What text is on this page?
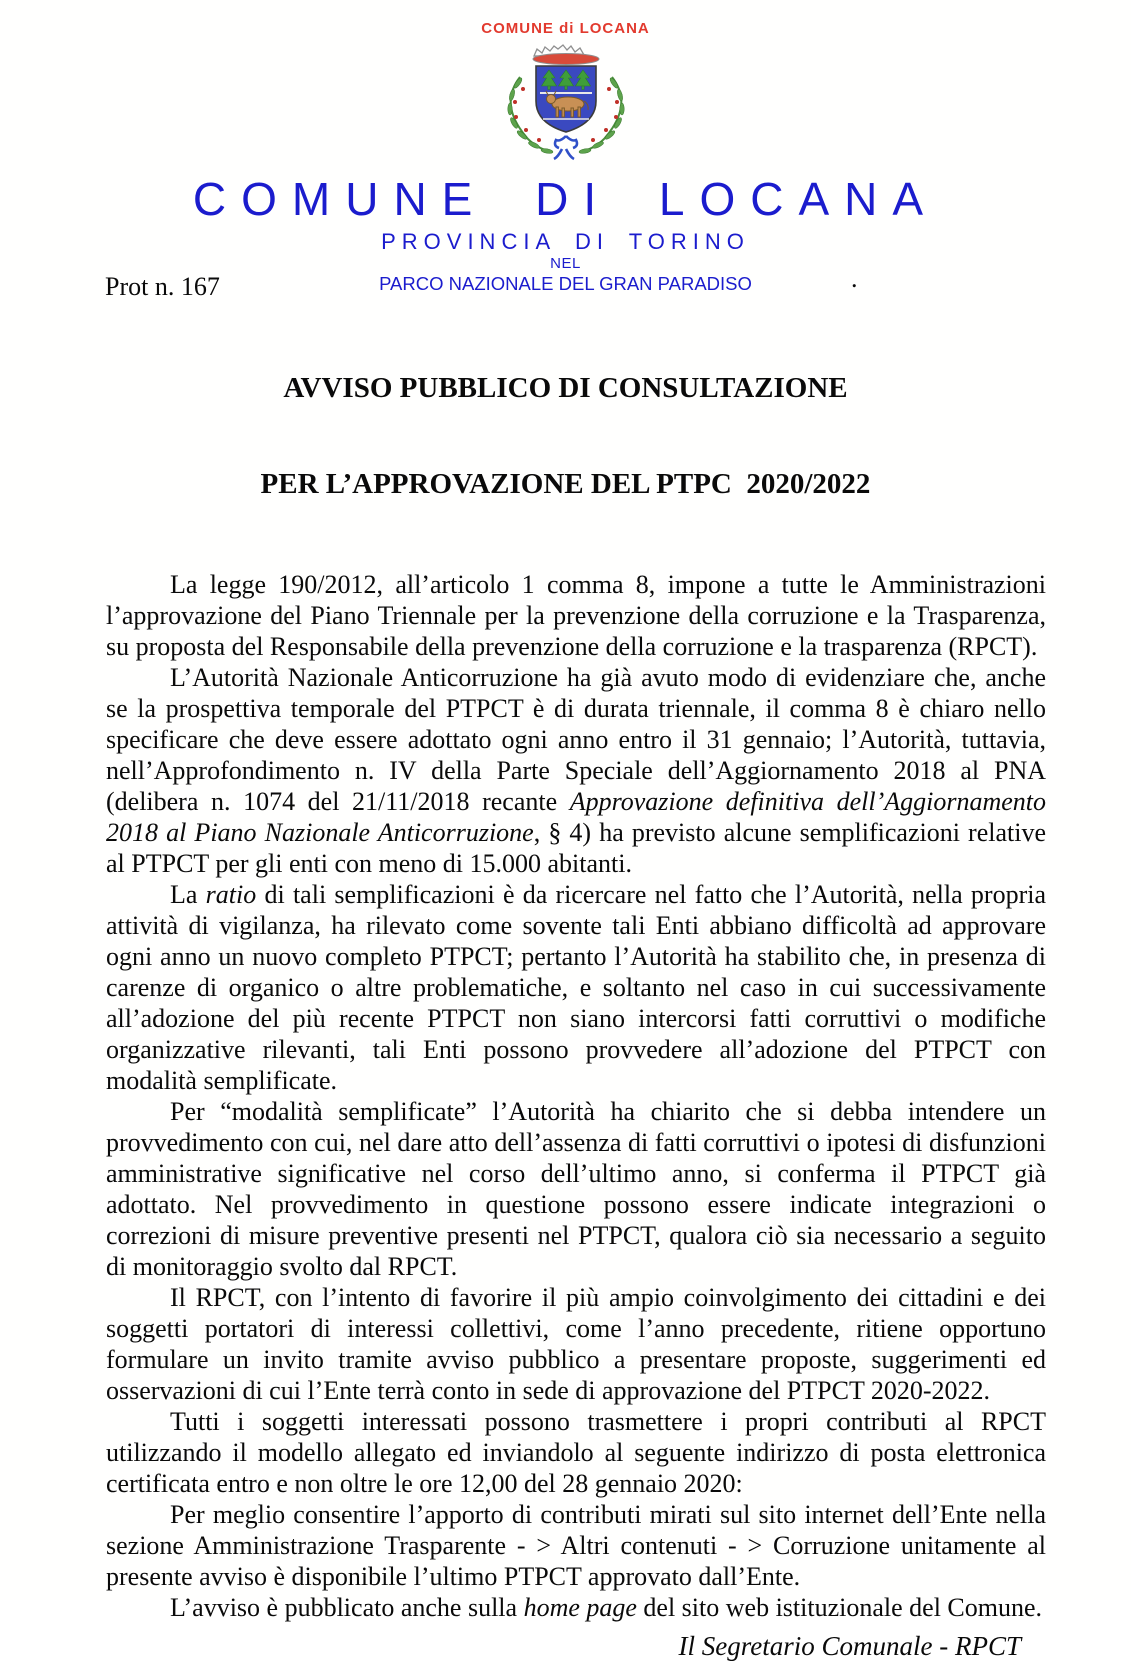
COMUNE di LOCANA
COMUNE DI LOCANA
PROVINCIA DI TORINO
NEL
PARCO NAZIONALE DEL GRAN PARADISO
Prot n. 167	.

AVVISO PUBBLICO DI CONSULTAZIONE

PER L’APPROVAZIONE DEL PTPC  2020/2022

La legge 190/2012, all’articolo 1 comma 8, impone a tutte le Amministrazioni l’approvazione del Piano Triennale per la prevenzione della corruzione e la Trasparenza, su proposta del Responsabile della prevenzione della corruzione e la trasparenza (RPCT).

L’Autorità Nazionale Anticorruzione ha già avuto modo di evidenziare che, anche se la prospettiva temporale del PTPCT è di durata triennale, il comma 8 è chiaro nello specificare che deve essere adottato ogni anno entro il 31 gennaio; l’Autorità, tuttavia, nell’Approfondimento n. IV della Parte Speciale dell’Aggiornamento 2018 al PNA (delibera n. 1074 del 21/11/2018 recante Approvazione definitiva dell’Aggiornamento 2018 al Piano Nazionale Anticorruzione, § 4) ha previsto alcune semplificazioni relative al PTPCT per gli enti con meno di 15.000 abitanti.

La ratio di tali semplificazioni è da ricercare nel fatto che l’Autorità, nella propria attività di vigilanza, ha rilevato come sovente tali Enti abbiano difficoltà ad approvare ogni anno un nuovo completo PTPCT; pertanto l’Autorità ha stabilito che, in presenza di carenze di organico o altre problematiche, e soltanto nel caso in cui successivamente all’adozione del più recente PTPCT non siano intercorsi fatti corruttivi o modifiche organizzative rilevanti, tali Enti possono provvedere all’adozione del PTPCT con modalità semplificate.

Per “modalità semplificate” l’Autorità ha chiarito che si debba intendere un provvedimento con cui, nel dare atto dell’assenza di fatti corruttivi o ipotesi di disfunzioni amministrative significative nel corso dell’ultimo anno, si conferma il PTPCT già adottato. Nel provvedimento in questione possono essere indicate integrazioni o correzioni di misure preventive presenti nel PTPCT, qualora ciò sia necessario a seguito di monitoraggio svolto dal RPCT.

Il RPCT, con l’intento di favorire il più ampio coinvolgimento dei cittadini e dei soggetti portatori di interessi collettivi, come l’anno precedente, ritiene opportuno formulare un invito tramite avviso pubblico a presentare proposte, suggerimenti ed osservazioni di cui l’Ente terrà conto in sede di approvazione del PTPCT 2020-2022.

Tutti i soggetti interessati possono trasmettere i propri contributi al RPCT utilizzando il modello allegato ed inviandolo al seguente indirizzo di posta elettronica certificata entro e non oltre le ore 12,00 del 28 gennaio 2020:

Per meglio consentire l’apporto di contributi mirati sul sito internet dell’Ente nella sezione Amministrazione Trasparente - > Altri contenuti - > Corruzione unitamente al presente avviso è disponibile l’ultimo PTPCT approvato dall’Ente.

L’avviso è pubblicato anche sulla home page del sito web istituzionale del Comune.

Il Segretario Comunale - RPCT
